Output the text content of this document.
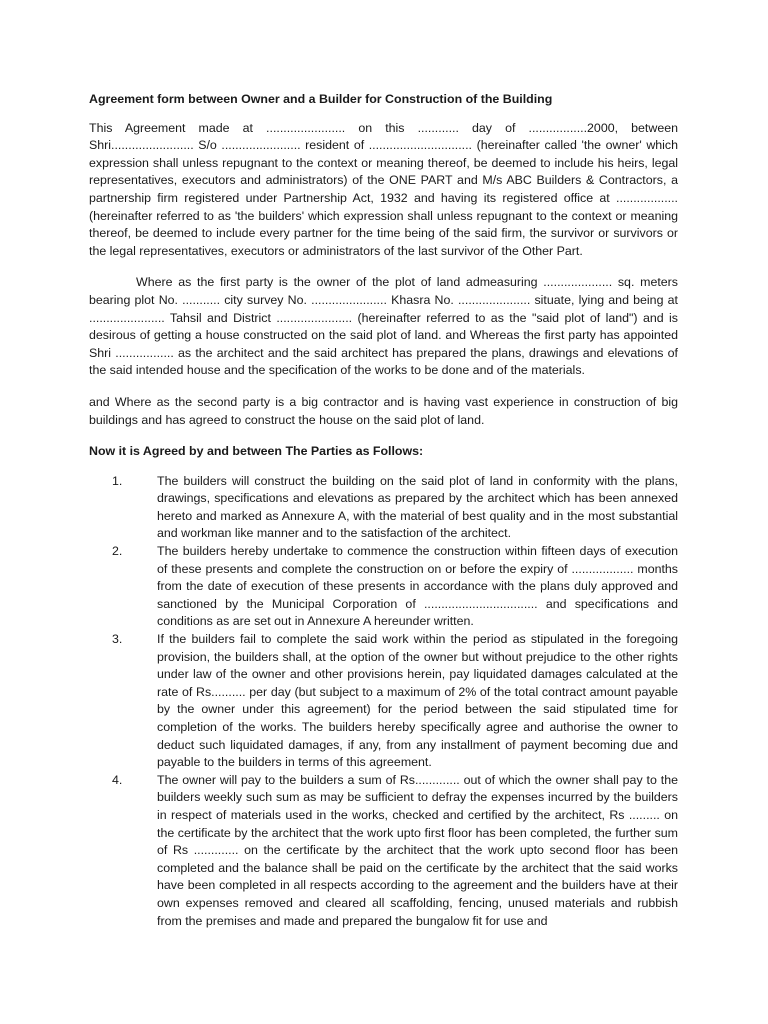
Agreement form between Owner and a Builder for Construction of the Building

This Agreement made at ....................... on this ............ day of .................2000, between Shri........................ S/o ....................... resident of .............................. (hereinafter called 'the owner' which expression shall unless repugnant to the context or meaning thereof, be deemed to include his heirs, legal representatives, executors and administrators) of the ONE PART and M/s ABC Builders & Contractors, a partnership firm registered under Partnership Act, 1932 and having its registered office at .................. (hereinafter referred to as 'the builders' which expression shall unless repugnant to the context or meaning thereof, be deemed to include every partner for the time being of the said firm, the survivor or survivors or the legal representatives, executors or administrators of the last survivor of the Other Part.

Where as the first party is the owner of the plot of land admeasuring .................... sq. meters bearing plot No. ........... city survey No. ...................... Khasra No. ..................... situate, lying and being at ...................... Tahsil and District ...................... (hereinafter referred to as the "said plot of land") and is desirous of getting a house constructed on the said plot of land. and Whereas the first party has appointed Shri ................. as the architect and the said architect has prepared the plans, drawings and elevations of the said intended house and the specification of the works to be done and of the materials.

and Where as the second party is a big contractor and is having vast experience in construction of big buildings and has agreed to construct the house on the said plot of land.

Now it is Agreed by and between The Parties as Follows:
1.	The builders will construct the building on the said plot of land in conformity with the plans, drawings, specifications and elevations as prepared by the architect which has been annexed hereto and marked as Annexure A, with the material of best quality and in the most substantial and workman like manner and to the satisfaction of the architect.
2.	The builders hereby undertake to commence the construction within fifteen days of execution of these presents and complete the construction on or before the expiry of .................. months from the date of execution of these presents in accordance with the plans duly approved and sanctioned by the Municipal Corporation of ................................. and specifications and conditions as are set out in Annexure A hereunder written.
3.	If the builders fail to complete the said work within the period as stipulated in the foregoing provision, the builders shall, at the option of the owner but without prejudice to the other rights under law of the owner and other provisions herein, pay liquidated damages calculated at the rate of Rs.......... per day (but subject to a maximum of 2% of the total contract amount payable by the owner under this agreement) for the period between the said stipulated time for completion of the works. The builders hereby specifically agree and authorise the owner to deduct such liquidated damages, if any, from any installment of payment becoming due and payable to the builders in terms of this agreement.
4.	The owner will pay to the builders a sum of Rs............. out of which the owner shall pay to the builders weekly such sum as may be sufficient to defray the expenses incurred by the builders in respect of materials used in the works, checked and certified by the architect, Rs ......... on the certificate by the architect that the work upto first floor has been completed, the further sum of Rs ............. on the certificate by the architect that the work upto second floor has been completed and the balance shall be paid on the certificate by the architect that the said works have been completed in all respects according to the agreement and the builders have at their own expenses removed and cleared all scaffolding, fencing, unused materials and rubbish from the premises and made and prepared the bungalow fit for use and
